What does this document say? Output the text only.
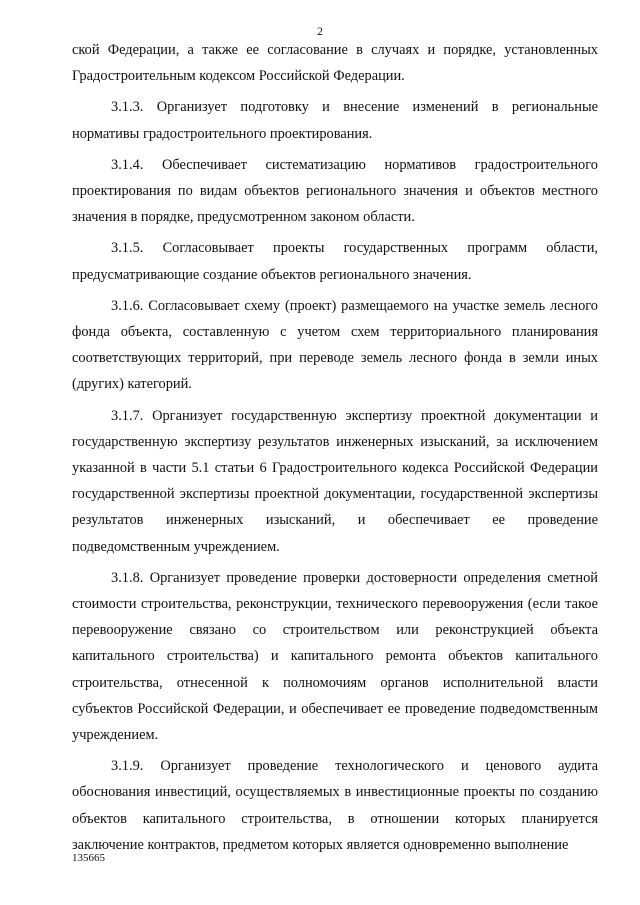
2

ской Федерации, а также ее согласование в случаях и порядке, установленных Градостроительным кодексом Российской Федерации.

3.1.3. Организует подготовку и внесение изменений в региональные нормативы градостроительного проектирования.

3.1.4. Обеспечивает систематизацию нормативов градостроительного проектирования по видам объектов регионального значения и объектов местного значения в порядке, предусмотренном законом области.

3.1.5. Согласовывает проекты государственных программ области, предусматривающие создание объектов регионального значения.

3.1.6. Согласовывает схему (проект) размещаемого на участке земель лесного фонда объекта, составленную с учетом схем территориального планирования соответствующих территорий, при переводе земель лесного фонда в земли иных (других) категорий.

3.1.7. Организует государственную экспертизу проектной документации и государственную экспертизу результатов инженерных изысканий, за исключением указанной в части 5.1 статьи 6 Градостроительного кодекса Российской Федерации государственной экспертизы проектной документации, государственной экспертизы результатов инженерных изысканий, и обеспечивает ее проведение подведомственным учреждением.

3.1.8. Организует проведение проверки достоверности определения сметной стоимости строительства, реконструкции, технического перевооружения (если такое перевооружение связано со строительством или реконструкцией объекта капитального строительства) и капитального ремонта объектов капитального строительства, отнесенной к полномочиям органов исполнительной власти субъектов Российской Федерации, и обеспечивает ее проведение подведомственным учреждением.

3.1.9. Организует проведение технологического и ценового аудита обоснования инвестиций, осуществляемых в инвестиционные проекты по созданию объектов капитального строительства, в отношении которых планируется заключение контрактов, предметом которых является одновременно выполнение

135665
